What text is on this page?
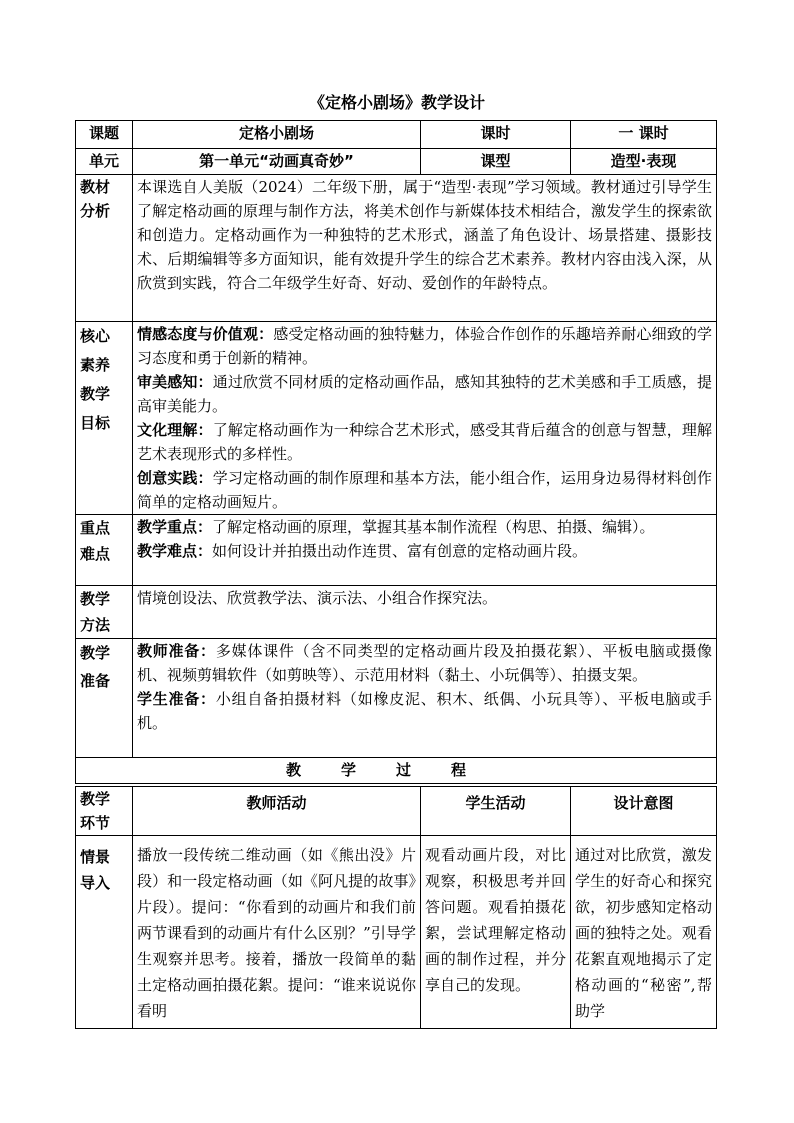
《定格小剧场》教学设计
课题	定格小剧场	课时	一 课时
单元	第一单元“动画真奇妙”	课型	造型·表现

教材
分析	本课选自人美版（2024）二年级下册，属于“造型·表现”学习领域。教材通过引导学生了解定格动画的原理与制作方法，将美术创作与新媒体技术相结合，激发学生的探索欲和创造力。定格动画作为一种独特的艺术形式，涵盖了角色设计、场景搭建、摄影技术、后期编辑等多方面知识，能有效提升学生的综合艺术素养。教材内容由浅入深，从欣赏到实践，符合二年级学生好奇、好动、爱创作的年龄特点。		

核心
素养
教学
目标	情感态度与价值观：感受定格动画的独特魅力，体验合作创作的乐趣培养耐心细致的学习态度和勇于创新的精神。
审美感知：通过欣赏不同材质的定格动画作品，感知其独特的艺术美感和手工质感，提高审美能力。
文化理解：了解定格动画作为一种综合艺术形式，感受其背后蕴含的创意与智慧，理解艺术表现形式的多样性。
创意实践：学习定格动画的制作原理和基本方法，能小组合作，运用身边易得材料创作简单的定格动画短片。		

重点
难点	教学重点：了解定格动画的原理，掌握其基本制作流程（构思、拍摄、编辑）。
教学难点：如何设计并拍摄出动作连贯、富有创意的定格动画片段。		

教学
方法	情境创设法、欣赏教学法、演示法、小组合作探究法。		

教学
准备	教师准备：多媒体课件（含不同类型的定格动画片段及拍摄花絮）、平板电脑或摄像机、视频剪辑软件（如剪映等）、示范用材料（黏土、小玩偶等）、拍摄支架。
学生准备：小组自备拍摄材料（如橡皮泥、积木、纸偶、小玩具等）、平板电脑或手机。		

教学过程			
教学
环节	教师活动	学生活动	设计意图

情景
导入	播放一段传统二维动画（如《熊出没》片段）和一段定格动画（如《阿凡提的故事》片段）。提问：“你看到的动画片和我们前两节课看到的动画片有什么区别？”引导学生观察并思考。接着，播放一段简单的黏土定格动画拍摄花絮。提问：“谁来说说你看明	观看动画片段，对比观察，积极思考并回答问题。观看拍摄花絮，尝试理解定格动画的制作过程，并分享自己的发现。	通过对比欣赏，激发学生的好奇心和探究欲，初步感知定格动画的独特之处。观看花絮直观地揭示了定格动画的“秘密”,帮助学
